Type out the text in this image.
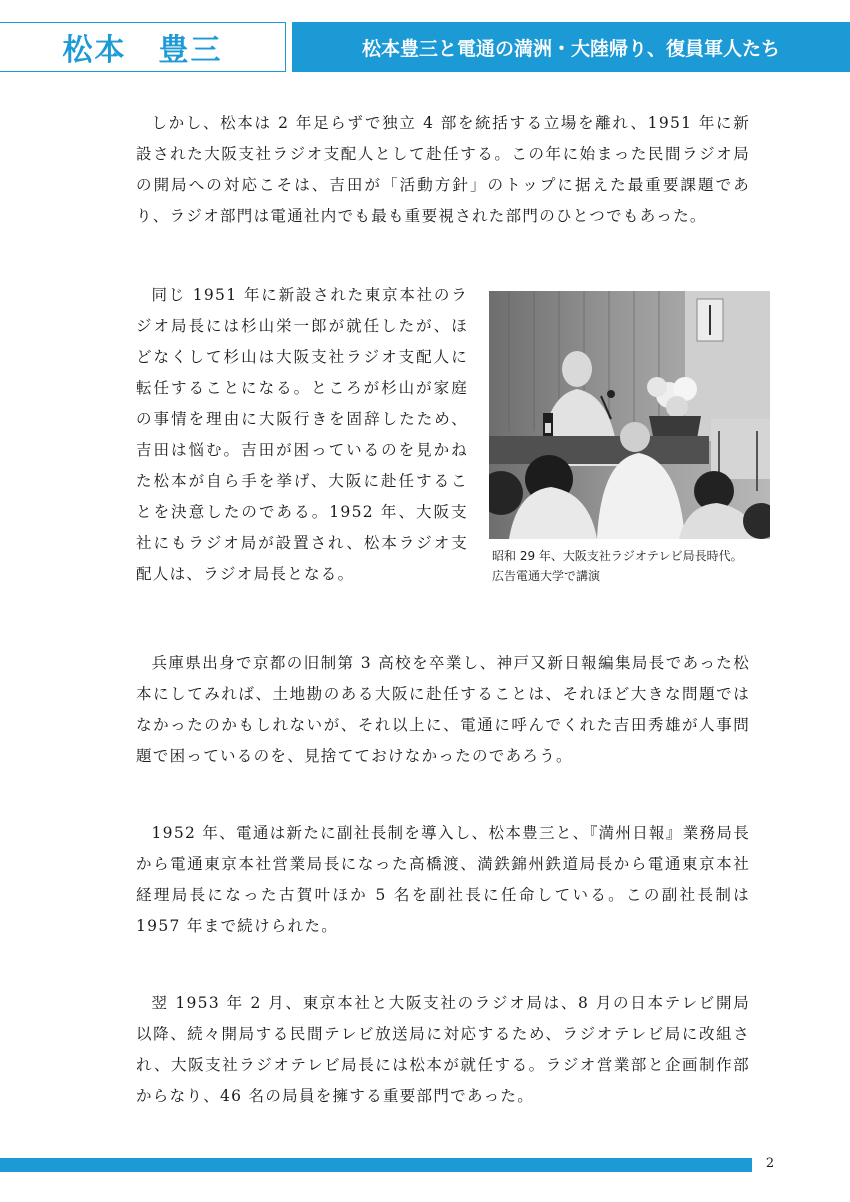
松本　豊三	松本豊三と電通の満洲・大陸帰り、復員軍人たち

しかし、松本は 2 年足らずで独立 4 部を統括する立場を離れ、1951 年に新設された大阪支社ラジオ支配人として赴任する。この年に始まった民間ラジオ局の開局への対応こそは、吉田が「活動方針」のトップに据えた最重要課題であり、ラジオ部門は電通社内でも最も重要視された部門のひとつでもあった。

同じ 1951 年に新設された東京本社のラジオ局長には杉山栄一郎が就任したが、ほどなくして杉山は大阪支社ラジオ支配人に転任することになる。ところが杉山が家庭の事情を理由に大阪行きを固辞したため、吉田は悩む。吉田が困っているのを見かねた松本が自ら手を挙げ、大阪に赴任することを決意したのである。1952 年、大阪支社にもラジオ局が設置され、松本ラジオ支配人は、ラジオ局長となる。

昭和 29 年、大阪支社ラジオテレビ局長時代。
広告電通大学で講演

兵庫県出身で京都の旧制第 3 高校を卒業し、神戸又新日報編集局長であった松本にしてみれば、土地勘のある大阪に赴任することは、それほど大きな問題ではなかったのかもしれないが、それ以上に、電通に呼んでくれた吉田秀雄が人事問題で困っているのを、見捨てておけなかったのであろう。

1952 年、電通は新たに副社長制を導入し、松本豊三と、『満州日報』業務局長から電通東京本社営業局長になった高橋渡、満鉄錦州鉄道局長から電通東京本社経理局長になった古賀叶ほか 5 名を副社長に任命している。この副社長制は 1957 年まで続けられた。

翌 1953 年 2 月、東京本社と大阪支社のラジオ局は、8 月の日本テレビ開局以降、続々開局する民間テレビ放送局に対応するため、ラジオテレビ局に改組され、大阪支社ラジオテレビ局長には松本が就任する。ラジオ営業部と企画制作部からなり、46 名の局員を擁する重要部門であった。

2
